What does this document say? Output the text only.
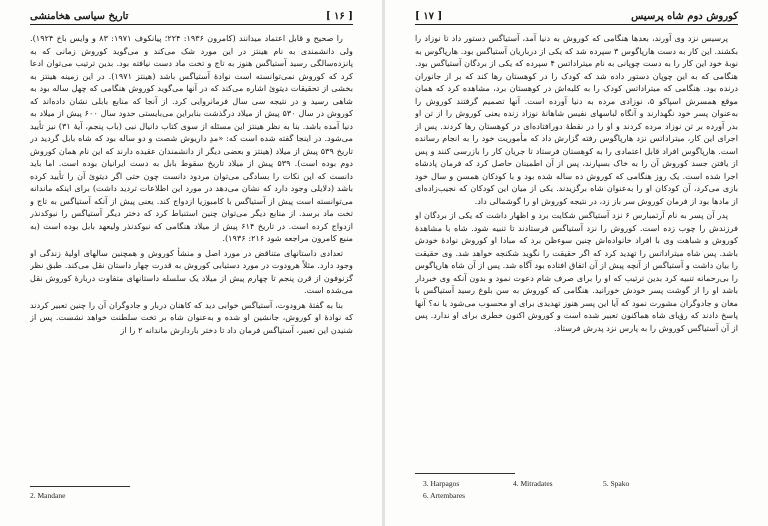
[ ۱۶ ]
تاریخ سیاسی هخامنشی

را صحیح و قابل اعتماد میدانند (کامرون ۱۹۳۶: ۲۲۴؛ پیانکوف ۱۹۷۱: ۸۳ و وایس باخ ۱۹۲۴). ولی دانشمندی به نام هینتز در این مورد شک می‌کند و می‌گوید کوروش زمانی که به پانزده‌سالگی رسید آستیاگس هنوز به تاج و تخت ماد دست نیافته بود. بدین ترتیب می‌توان ادعا کرد که کوروش نمی‌توانسته است نوادهٔ آستیاگس باشد (هینتز ۱۹۷۱). در این زمینه هینتز به بخشی از تحقیقات دیتوئ اشاره می‌کند که در آنها می‌گوید کوروش هنگامی که چهل ساله بود به شاهی رسید و در نتیجه سی سال فرمانروایی کرد. از آنجا که منابع بابلی نشان داده‌اند که کوروش در سال ۵۳۰ پیش از میلاد درگذشت بنابراین می‌بایستی حدود سال ۶۰۰ پیش از میلاد به دنیا آمده باشد. بنا به نظر هینتز این مسئله از سوی کتاب دانیال نبی (باب پنجم، آیهٔ ۳۱) نیز تأیید می‌شود. در اینجا گفته شده است که: «مدِ داریوش شصت و دو ساله بود که شاه بابل گردید در تاریخ ۵۳۹ پیش از میلاد (هینتز و بعضی دیگر از دانشمندان عقیده دارند که این نام همان کوروش دوم بوده است). ۵۳۹ پیش از میلاد تاریخ سقوط بابل به دست ایرانیان بوده است. اما باید دانست که این نکات را بسادگی می‌توان مردود دانست چون حتی اگر دیتوئ آن را تأیید کرده باشد (دلایلی وجود دارد که نشان می‌دهد در مورد این اطلاعات تردید داشت) برای اینکه ماندانه می‌توانسته است پیش از آستیاگس با کامبوزیا ازدواج کند. یعنی پیش از آنکه آستیاگس به تاج و تخت ماد برسد. از منابع دیگر می‌توان چنین استنباط کرد که دختر دیگر آستیاگس را نبوکدنذر ازدواج کرده است. در تاریخ ۶۱۴ پیش از میلاد هنگامی که نبوکدنذر ولیعهد بابل بوده است (به منبع کامرون مراجعه شود ۲۱۶: ۱۹۳۶).

تعدادی داستانهای متناقض در مورد اصل و منشأ کوروش و همچنین سالهای اولیهٔ زندگی او وجود دارد. مثلاً هرودوت در مورد دستیابی کوروش به قدرت چهار داستان نقل می‌کند. طبق نظر گزنوفون از قرن پنجم تا چهارم پیش از میلاد یک سلسله داستانهای متفاوت دربارهٔ کوروش نقل می‌شده است.

بنا به گفتهٔ هرودوت، آستیاگس خوابی دید که کاهنان دربار و جادوگران آن را چنین تعبیر کردند که نوادهٔ او کوروش، جانشین او شده و به‌عنوان شاه بر تخت سلطنت خواهد نشست. پس از شنیدن این تعبیر، آستیاگس فرمان داد تا دختر باردارش ماندانه ۲ را از

2. Mandane
کوروش دوم شاه پرسیس
[ ۱۷ ]

پرسیس نزد وی آورند، بعدها هنگامی که کوروش به دنیا آمد، آستیاگس دستور داد تا نوزاد را بکشند. این کار به دست هارپاگوس ۳ سپرده شد که یکی از درباریان آستیاگس بود. هارپاگوس به نوبهٔ خود این کار را به دست چوپانی به نام میتراداتس ۴ سپرده که یکی از بردگان آستیاگس بود. هنگامی که به این چوپان دستور داده شد که کودک را در کوهستان رها کند که بر از جانوران درنده بود. هنگامی که میتراداتس کودک را به کلبه‌اش در کوهستان برد، مشاهده کرد که همان موقع همسرش اسپاکو ۵، نوزادی مرده به دنیا آورده است. آنها تصمیم گرفتند کوروش را به‌عنوان پسر خود نگهدارند و آنگاه لباسهای نفیس شاهانهٔ نوزاد زنده یعنی کوروش را از تن او بدر آورده بر تن نوزاد مرده کردند و او را در نقطهٔ دورافتاده‌ای در کوهستان رها کردند. پس از اجرای این کار، میتراداتس نزد هارپاگوس رفته گزارش داد که مأموریت خود را به انجام رسانده است. هارپاگوس افراد قابل اعتمادی را به کوهستان فرستاد تا جریان کار را بازرسی کنند و پس از یافتن جسد کوروش آن را به خاک بسپارند، پس از آن اطمینان حاصل کرد که فرمان پادشاه اجرا شده است. یک روز هنگامی که کوروش ده ساله شده بود و با کودکان همسن و سال خود بازی می‌کرد، آن کودکان او را به‌عنوان شاه برگزیدند. یکی از میان این کودکان که نجیب‌زاده‌ای از مادها بود از فرمان کوروش سر باز زد، در نتیجه کوروش او را گوشمالی داد.

پدر آن پسر به نام آرتمبارس ۶ نزد آستیاگس شکایت برد و اظهار داشت که یکی از بردگان او فرزندش را چوب زده است. کوروش را نزد آستیاگس فرستادند تا تنبیه شود. شاه با مشاهدهٔ کوروش و شباهت وی با افراد خانواده‌اش چنین سوءظن برد که مبادا او کوروش نوادهٔ خودش باشد. پس شاه میتراداتس را تهدید کرد که اگر حقیقت را نگوید شکنجه خواهد شد. وی حقیقت را بیان داشت و آستیاگس از آنچه پیش از آن اتفاق افتاده بود آگاه شد. پس از آن شاه هارپاگوس را بی‌رحمانه تنبیه کرد بدین ترتیب که او را برای صرف شام دعوت نمود و بدون آنکه وی خبردار باشد او را از گوشت پسر خودش خورانید. هنگامی که کوروش به سن بلوغ رسید آستیاگس با مغان و جادوگران مشورت نمود که آیا این پسر هنوز تهدیدی برای او محسوب می‌شود یا نه؟ آنها پاسخ دادند که رؤیای شاه هماکنون تعبیر شده است و کوروش اکنون خطری برای او ندارد. پس از آن آستیاگس کوروش را به پارس نزد پدرش فرستاد.

3. Harpagos	4. Mitradates	5. Spako
6. Artembares
